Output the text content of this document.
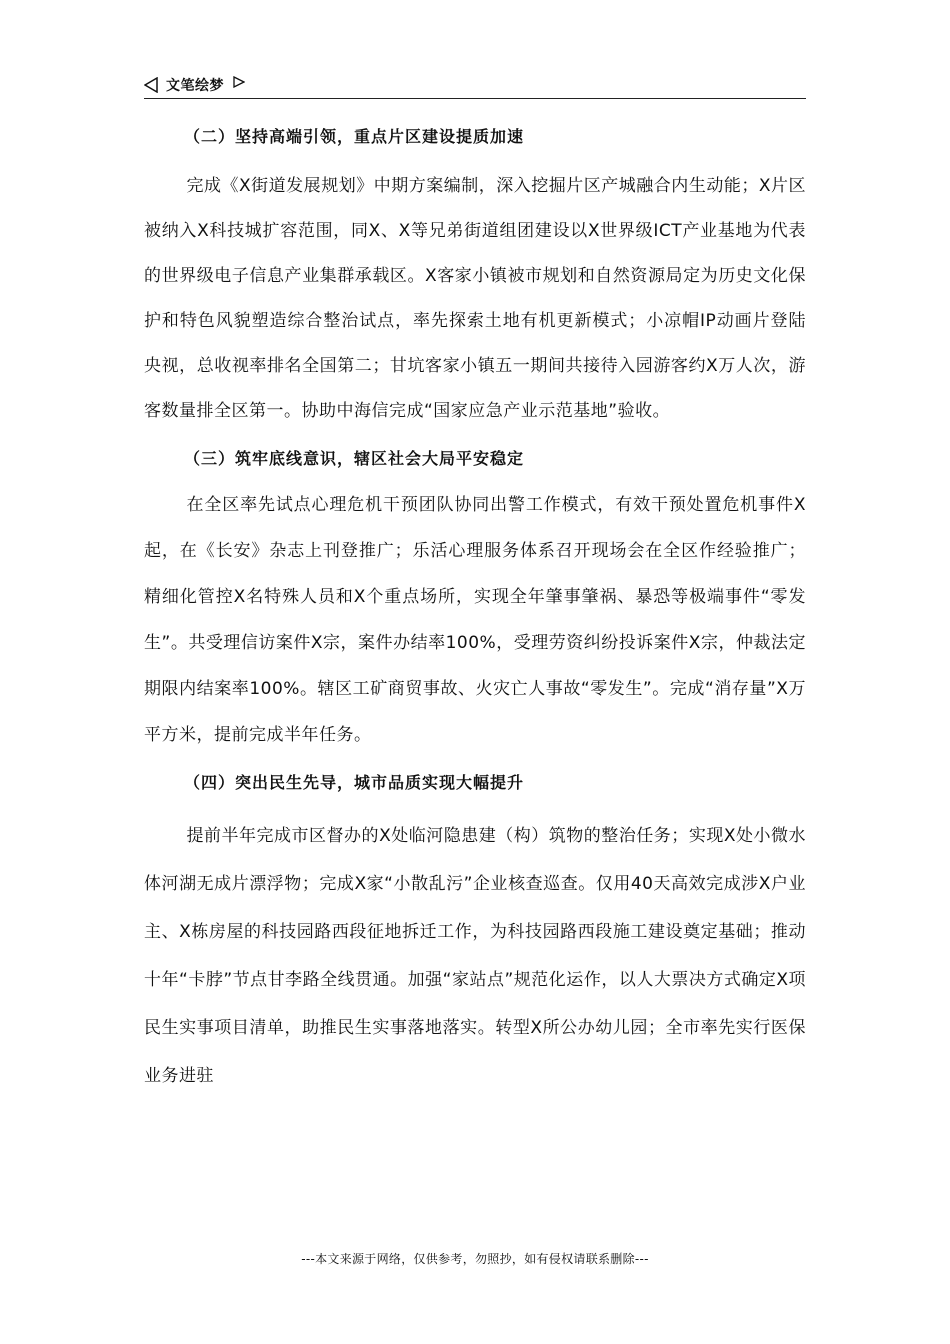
文笔绘梦
（二）坚持高端引领，重点片区建设提质加速

完成《X街道发展规划》中期方案编制，深入挖掘片区产城融合内生动能；X片区被纳入X科技城扩容范围，同X、X等兄弟街道组团建设以X世界级ICT产业基地为代表的世界级电子信息产业集群承载区。X客家小镇被市规划和自然资源局定为历史文化保护和特色风貌塑造综合整治试点，率先探索土地有机更新模式；小凉帽IP动画片登陆央视，总收视率排名全国第二；甘坑客家小镇五一期间共接待入园游客约X万人次，游客数量排全区第一。协助中海信完成“国家应急产业示范基地”验收。

（三）筑牢底线意识，辖区社会大局平安稳定

在全区率先试点心理危机干预团队协同出警工作模式，有效干预处置危机事件X起，在《长安》杂志上刊登推广；乐活心理服务体系召开现场会在全区作经验推广；精细化管控X名特殊人员和X个重点场所，实现全年肇事肇祸、暴恐等极端事件“零发生”。共受理信访案件X宗，案件办结率100%，受理劳资纠纷投诉案件X宗，仲裁法定期限内结案率100%。辖区工矿商贸事故、火灾亡人事故“零发生”。完成“消存量”X万平方米，提前完成半年任务。

（四）突出民生先导，城市品质实现大幅提升

提前半年完成市区督办的X处临河隐患建（构）筑物的整治任务；实现X处小微水体河湖无成片漂浮物；完成X家“小散乱污”企业核查巡查。仅用40天高效完成涉X户业主、X栋房屋的科技园路西段征地拆迁工作，为科技园路西段施工建设奠定基础；推动十年“卡脖”节点甘李路全线贯通。加强“家站点”规范化运作，以人大票决方式确定X项民生实事项目清单，助推民生实事落地落实。转型X所公办幼儿园；全市率先实行医保业务进驻

---本文来源于网络，仅供参考，勿照抄，如有侵权请联系删除---
